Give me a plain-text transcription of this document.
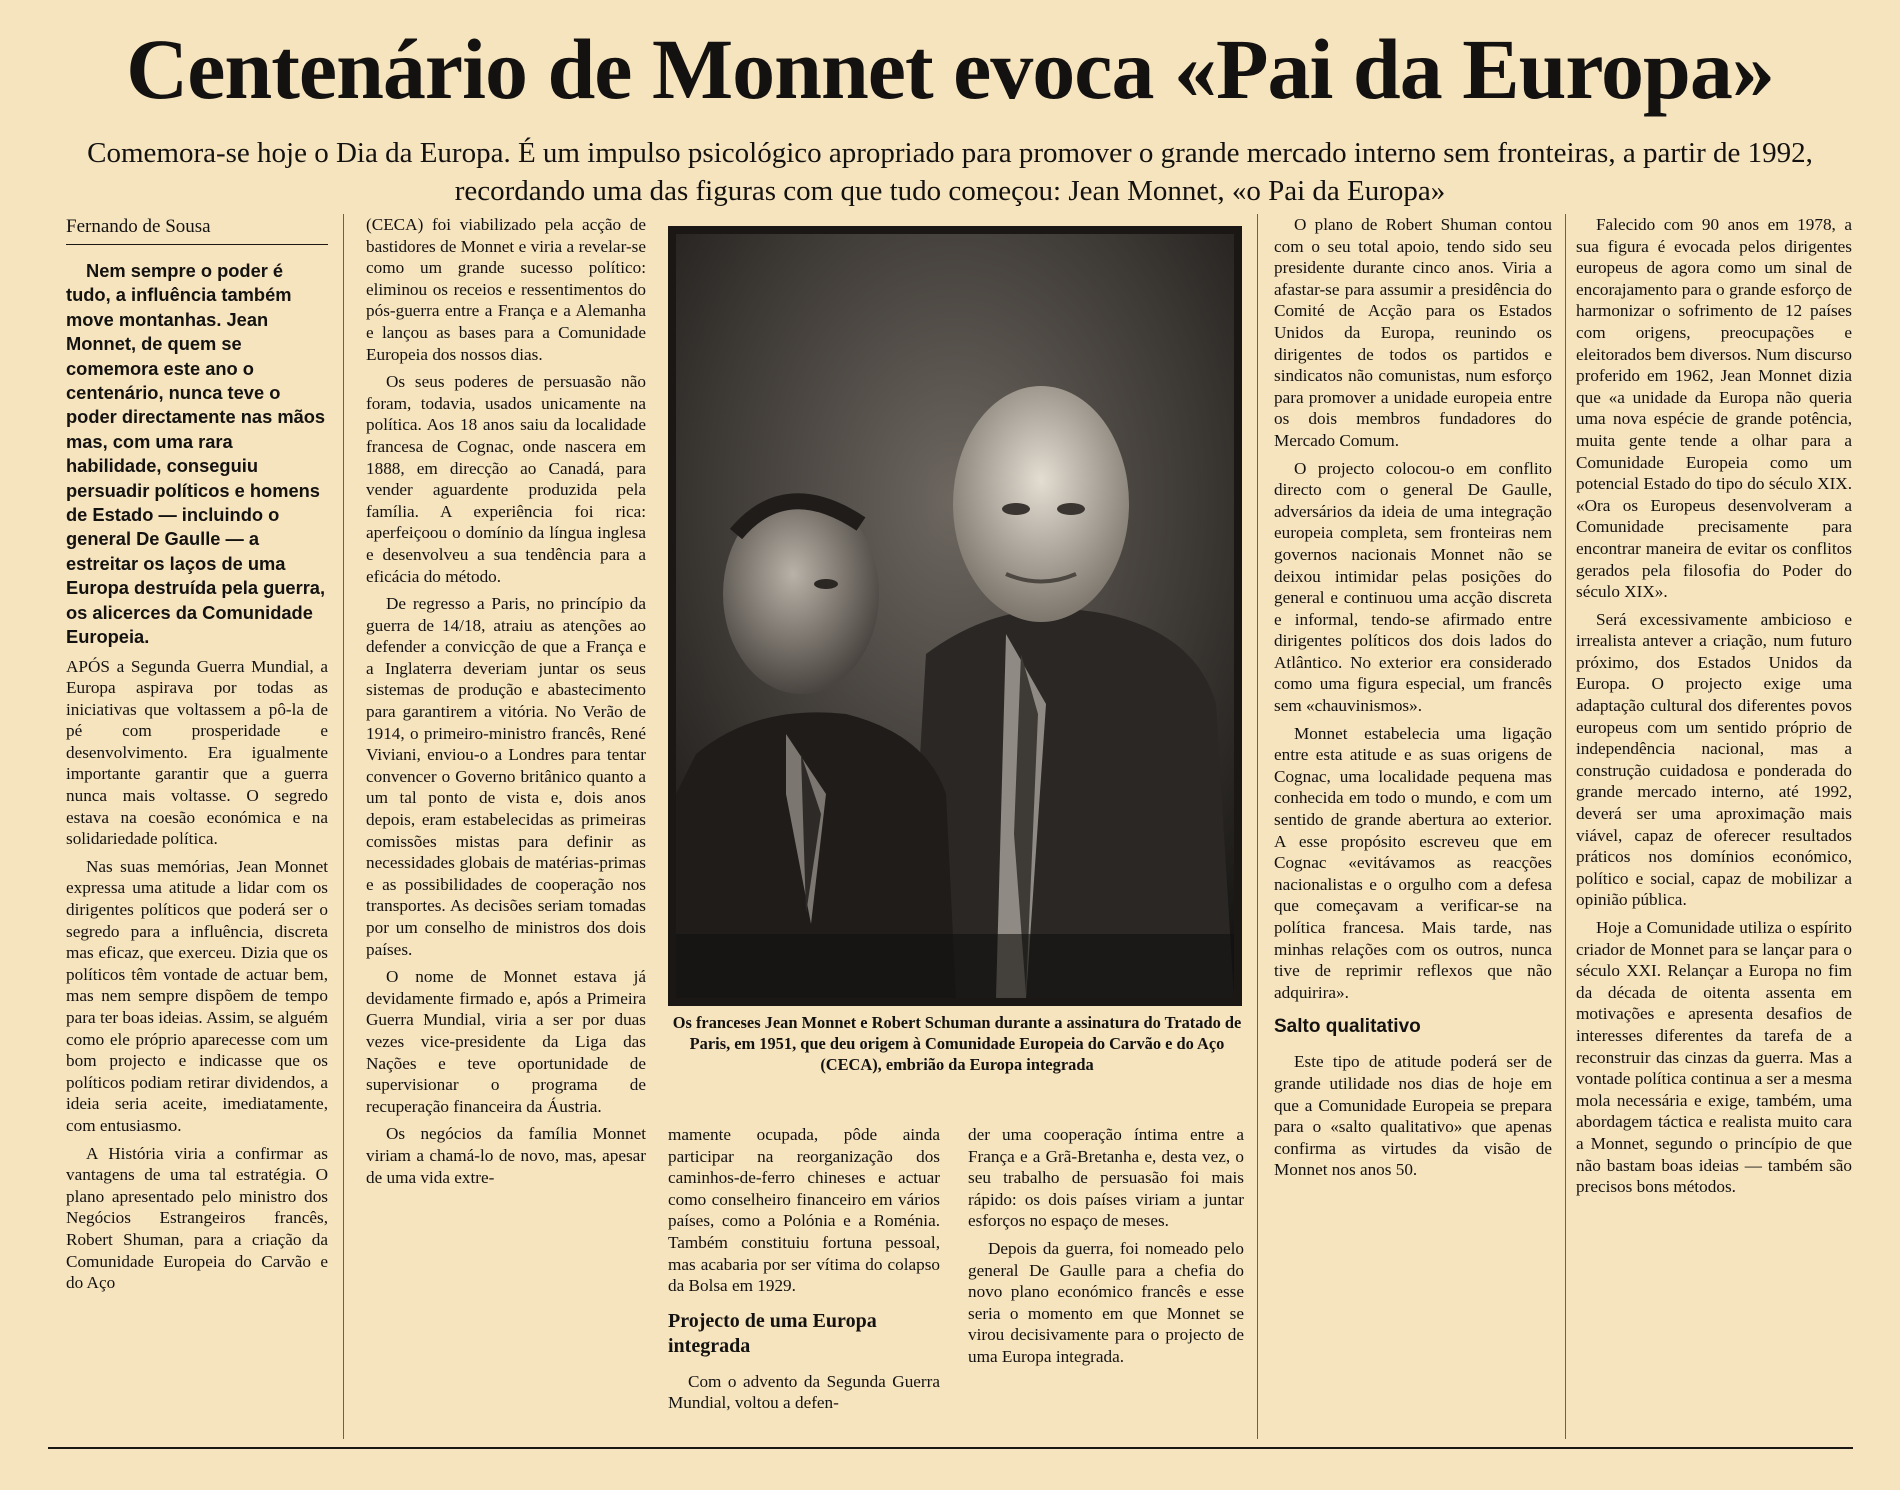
Centenário de Monnet evoca «Pai da Europa»

Comemora-se hoje o Dia da Europa. É um impulso psicológico apropriado para promover o grande mercado interno sem fronteiras, a partir de 1992, recordando uma das figuras com que tudo começou: Jean Monnet, «o Pai da Europa»

Fernando de Sousa

Nem sempre o poder é tudo, a influência também move montanhas. Jean Monnet, de quem se comemora este ano o centenário, nunca teve o poder directamente nas mãos mas, com uma rara habilidade, conseguiu persuadir políticos e homens de Estado — incluindo o general De Gaulle — a estreitar os laços de uma Europa destruída pela guerra, os alicerces da Comunidade Europeia.

APÓS a Segunda Guerra Mundial, a Europa aspirava por todas as iniciativas que voltassem a pô-la de pé com prosperidade e desenvolvimento. Era igualmente importante garantir que a guerra nunca mais voltasse. O segredo estava na coesão económica e na solidariedade política.

Nas suas memórias, Jean Monnet expressa uma atitude a lidar com os dirigentes políticos que poderá ser o segredo para a influência, discreta mas eficaz, que exerceu. Dizia que os políticos têm vontade de actuar bem, mas nem sempre dispõem de tempo para ter boas ideias. Assim, se alguém como ele próprio aparecesse com um bom projecto e indicasse que os políticos podiam retirar dividendos, a ideia seria aceite, imediatamente, com entusiasmo.

A História viria a confirmar as vantagens de uma tal estratégia. O plano apresentado pelo ministro dos Negócios Estrangeiros francês, Robert Shuman, para a criação da Comunidade Europeia do Carvão e do Aço

(CECA) foi viabilizado pela acção de bastidores de Monnet e viria a revelar-se como um grande sucesso político: eliminou os receios e ressentimentos do pós-guerra entre a França e a Alemanha e lançou as bases para a Comunidade Europeia dos nossos dias.

Os seus poderes de persuasão não foram, todavia, usados unicamente na política. Aos 18 anos saiu da localidade francesa de Cognac, onde nascera em 1888, em direcção ao Canadá, para vender aguardente produzida pela família. A experiência foi rica: aperfeiçoou o domínio da língua inglesa e desenvolveu a sua tendência para a eficácia do método.

De regresso a Paris, no princípio da guerra de 14/18, atraiu as atenções ao defender a convicção de que a França e a Inglaterra deveriam juntar os seus sistemas de produção e abastecimento para garantirem a vitória. No Verão de 1914, o primeiro-ministro francês, René Viviani, enviou-o a Londres para tentar convencer o Governo britânico quanto a um tal ponto de vista e, dois anos depois, eram estabelecidas as primeiras comissões mistas para definir as necessidades globais de matérias-primas e as possibilidades de cooperação nos transportes. As decisões seriam tomadas por um conselho de ministros dos dois países.

O nome de Monnet estava já devidamente firmado e, após a Primeira Guerra Mundial, viria a ser por duas vezes vice-presidente da Liga das Nações e teve oportunidade de supervisionar o programa de recuperação financeira da Áustria.

Os negócios da família Monnet viriam a chamá-lo de novo, mas, apesar de uma vida extre-

Os franceses Jean Monnet e Robert Schuman durante a assinatura do Tratado de Paris, em 1951, que deu origem à Comunidade Europeia do Carvão e do Aço (CECA), embrião da Europa integrada

mamente ocupada, pôde ainda participar na reorganização dos caminhos-de-ferro chineses e actuar como conselheiro financeiro em vários países, como a Polónia e a Roménia. Também constituiu fortuna pessoal, mas acabaria por ser vítima do colapso da Bolsa em 1929.

Projecto de uma Europa integrada

Com o advento da Segunda Guerra Mundial, voltou a defen-

der uma cooperação íntima entre a França e a Grã-Bretanha e, desta vez, o seu trabalho de persuasão foi mais rápido: os dois países viriam a juntar esforços no espaço de meses.

Depois da guerra, foi nomeado pelo general De Gaulle para a chefia do novo plano económico francês e esse seria o momento em que Monnet se virou decisivamente para o projecto de uma Europa integrada.

O plano de Robert Shuman contou com o seu total apoio, tendo sido seu presidente durante cinco anos. Viria a afastar-se para assumir a presidência do Comité de Acção para os Estados Unidos da Europa, reunindo os dirigentes de todos os partidos e sindicatos não comunistas, num esforço para promover a unidade europeia entre os dois membros fundadores do Mercado Comum.

O projecto colocou-o em conflito directo com o general De Gaulle, adversários da ideia de uma integração europeia completa, sem fronteiras nem governos nacionais Monnet não se deixou intimidar pelas posições do general e continuou uma acção discreta e informal, tendo-se afirmado entre dirigentes políticos dos dois lados do Atlântico. No exterior era considerado como uma figura especial, um francês sem «chauvinismos».

Monnet estabelecia uma ligação entre esta atitude e as suas origens de Cognac, uma localidade pequena mas conhecida em todo o mundo, e com um sentido de grande abertura ao exterior. A esse propósito escreveu que em Cognac «evitávamos as reacções nacionalistas e o orgulho com a defesa que começavam a verificar-se na política francesa. Mais tarde, nas minhas relações com os outros, nunca tive de reprimir reflexos que não adquirira».

Salto qualitativo

Este tipo de atitude poderá ser de grande utilidade nos dias de hoje em que a Comunidade Europeia se prepara para o «salto qualitativo» que apenas confirma as virtudes da visão de Monnet nos anos 50.

Falecido com 90 anos em 1978, a sua figura é evocada pelos dirigentes europeus de agora como um sinal de encorajamento para o grande esforço de harmonizar o sofrimento de 12 países com origens, preocupações e eleitorados bem diversos. Num discurso proferido em 1962, Jean Monnet dizia que «a unidade da Europa não queria uma nova espécie de grande potência, muita gente tende a olhar para a Comunidade Europeia como um potencial Estado do tipo do século XIX. «Ora os Europeus desenvolveram a Comunidade precisamente para encontrar maneira de evitar os conflitos gerados pela filosofia do Poder do século XIX».

Será excessivamente ambicioso e irrealista antever a criação, num futuro próximo, dos Estados Unidos da Europa. O projecto exige uma adaptação cultural dos diferentes povos europeus com um sentido próprio de independência nacional, mas a construção cuidadosa e ponderada do grande mercado interno, até 1992, deverá ser uma aproximação mais viável, capaz de oferecer resultados práticos nos domínios económico, político e social, capaz de mobilizar a opinião pública.

Hoje a Comunidade utiliza o espírito criador de Monnet para se lançar para o século XXI. Relançar a Europa no fim da década de oitenta assenta em motivações e apresenta desafios de interesses diferentes da tarefa de a reconstruir das cinzas da guerra. Mas a vontade política continua a ser a mesma mola necessária e exige, também, uma abordagem táctica e realista muito cara a Monnet, segundo o princípio de que não bastam boas ideias — também são precisos bons métodos.
